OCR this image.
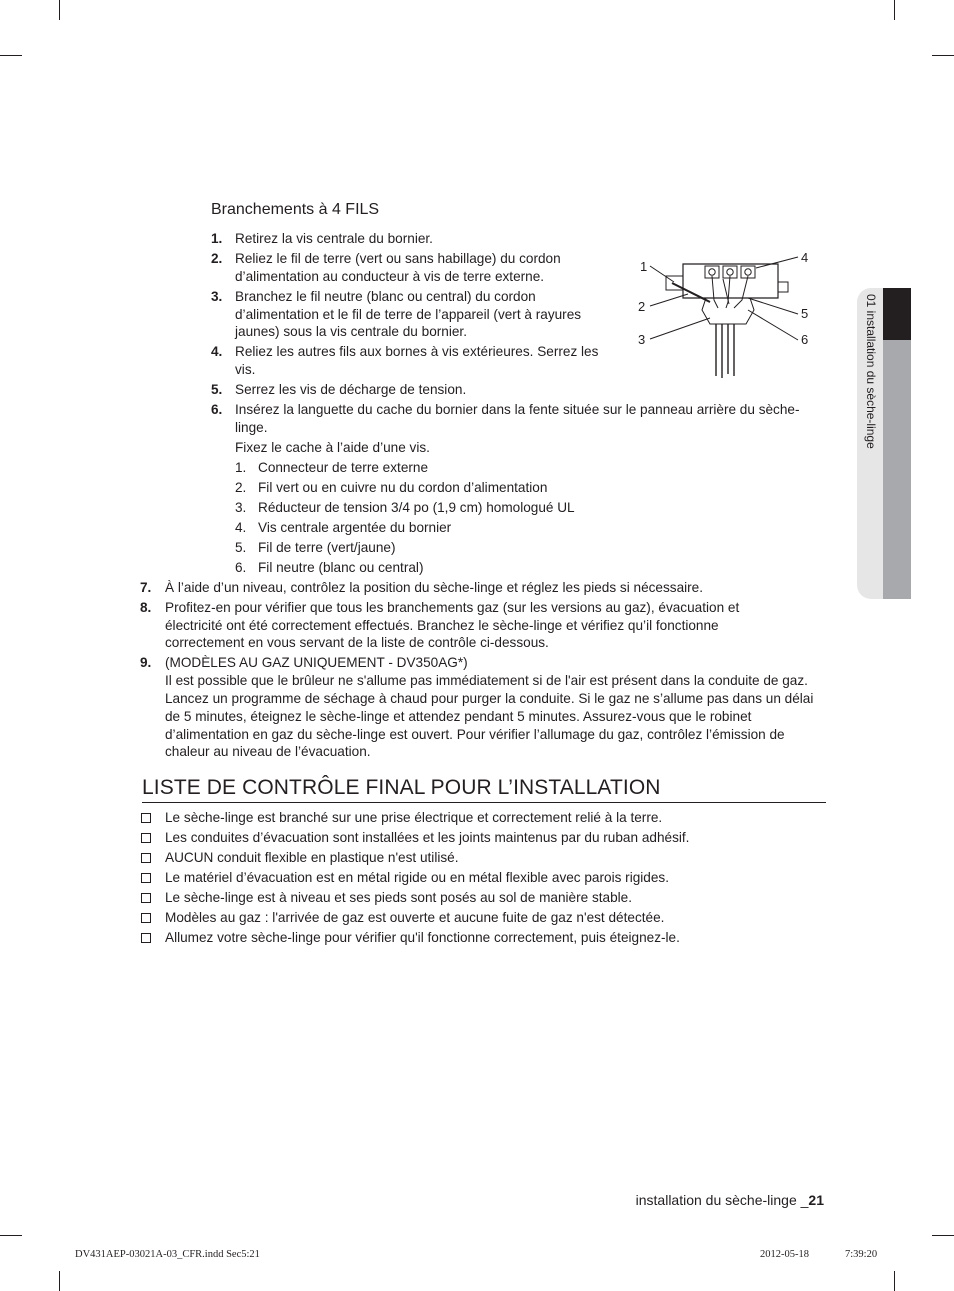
01 installation du sèche-linge
Branchements à 4 FILS
1
2
3
4
5
6
1. Retirez la vis centrale du bornier.
2. Reliez le fil de terre (vert ou sans habillage) du cordon d’alimentation au conducteur à vis de terre externe.
3. Branchez le fil neutre (blanc ou central) du cordon d’alimentation et le fil de terre de l’appareil (vert à rayures jaunes) sous la vis centrale du bornier.
4. Reliez les autres fils aux bornes à vis extérieures. Serrez les vis.
5. Serrez les vis de décharge de tension.
6. Insérez la languette du cache du bornier dans la fente située sur le panneau arrière du sèche-linge.
Fixez le cache à l’aide d’une vis.
1. Connecteur de terre externe
2. Fil vert ou en cuivre nu du cordon d’alimentation
3. Réducteur de tension 3/4 po (1,9 cm) homologué UL
4. Vis centrale argentée du bornier
5. Fil de terre (vert/jaune)
6. Fil neutre (blanc ou central)
7. À l’aide d’un niveau, contrôlez la position du sèche-linge et réglez les pieds si nécessaire.
8. Profitez-en pour vérifier que tous les branchements gaz (sur les versions au gaz), évacuation et électricité ont été correctement effectués. Branchez le sèche-linge et vérifiez qu’il fonctionne correctement en vous servant de la liste de contrôle ci-dessous.
9. (MODÈLES AU GAZ UNIQUEMENT - DV350AG*)
Il est possible que le brûleur ne s'allume pas immédiatement si de l'air est présent dans la conduite de gaz. Lancez un programme de séchage à chaud pour purger la conduite. Si le gaz ne s’allume pas dans un délai de 5 minutes, éteignez le sèche-linge et attendez pendant 5 minutes. Assurez-vous que le robinet d’alimentation en gaz du sèche-linge est ouvert. Pour vérifier l’allumage du gaz, contrôlez l’émission de chaleur au niveau de l’évacuation.
LISTE DE CONTRÔLE FINAL POUR L’INSTALLATION
Le sèche-linge est branché sur une prise électrique et correctement relié à la terre.
Les conduites d’évacuation sont installées et les joints maintenus par du ruban adhésif.
AUCUN conduit flexible en plastique n'est utilisé.
Le matériel d’évacuation est en métal rigide ou en métal flexible avec parois rigides.
Le sèche-linge est à niveau et ses pieds sont posés au sol de manière stable.
Modèles au gaz : l'arrivée de gaz est ouverte et aucune fuite de gaz n'est détectée.
Allumez votre sèche-linge pour vérifier qu'il fonctionne correctement, puis éteignez-le.
installation du sèche-linge _21
DV431AEP-03021A-03_CFR.indd Sec5:21	2012-05-18	7:39:20
